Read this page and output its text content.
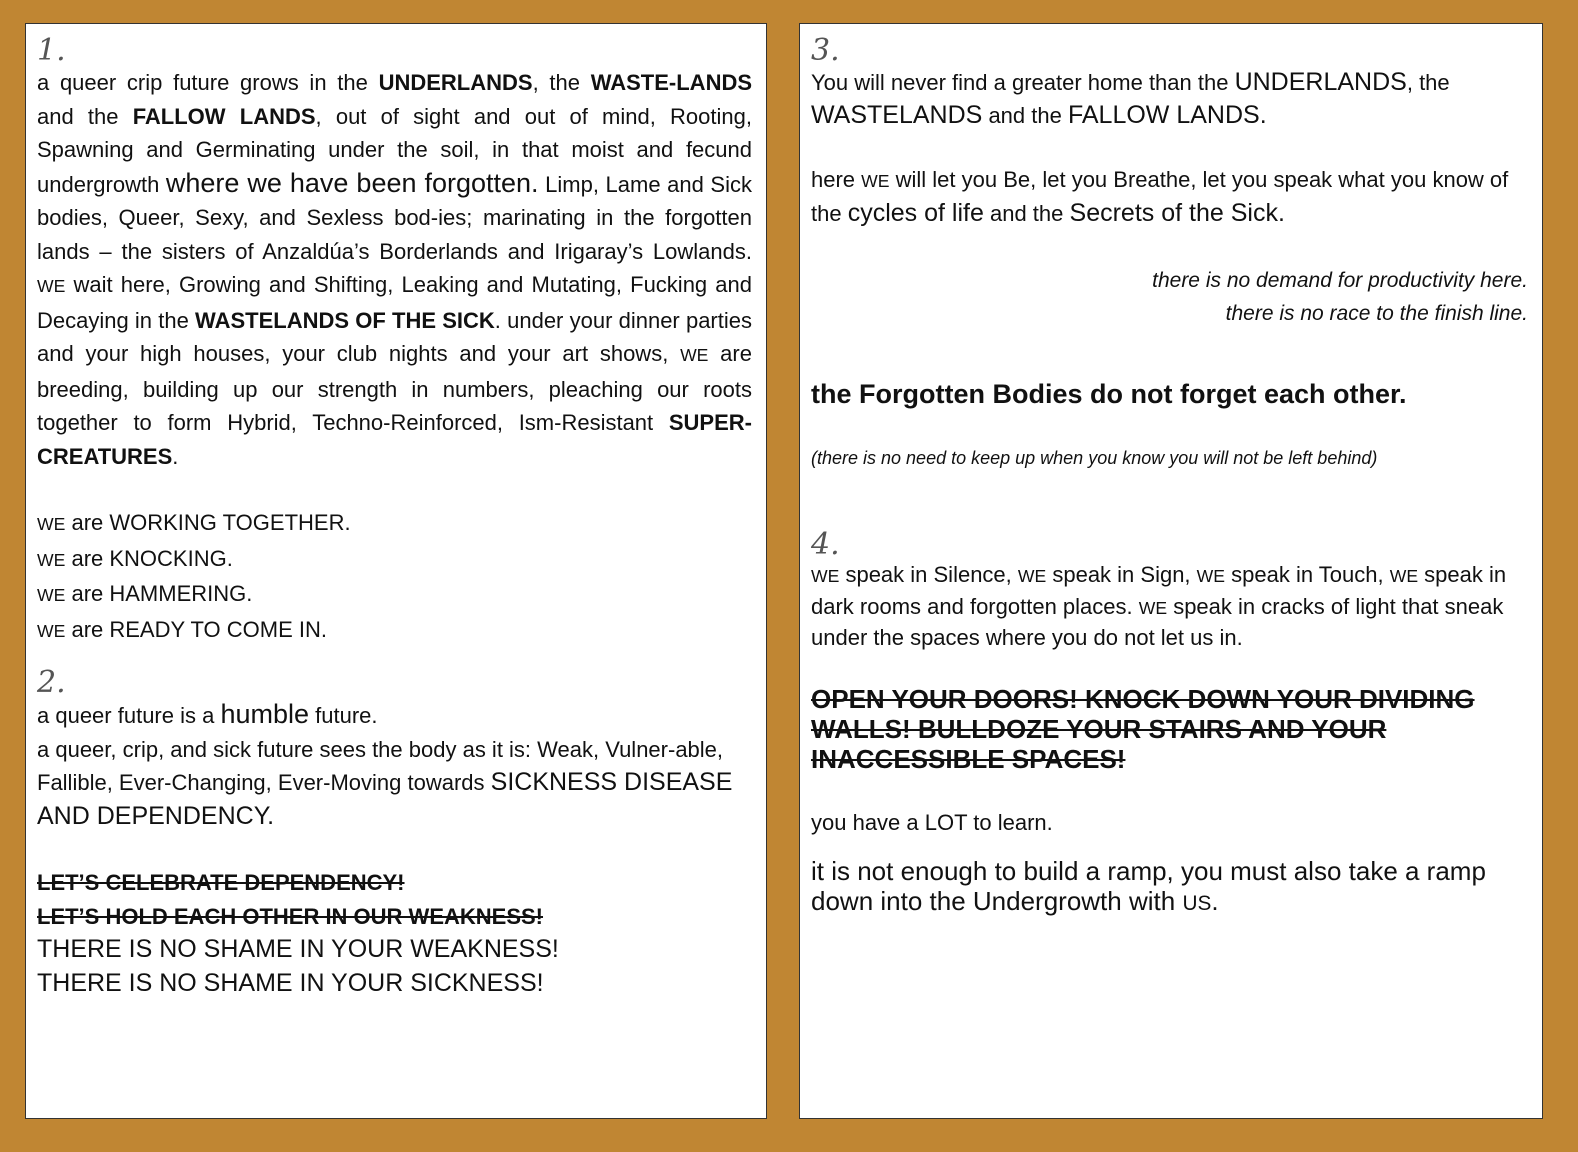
1.

a queer crip future grows in the UNDERLANDS, the WASTE-LANDS and the FALLOW LANDS, out of sight and out of mind, Rooting, Spawning and Germinating under the soil, in that moist and fecund undergrowth where we have been forgotten. Limp, Lame and Sick bodies, Queer, Sexy, and Sexless bod-ies; marinating in the forgotten lands – the sisters of Anzaldúa’s Borderlands and Irigaray’s Lowlands. WE wait here, Growing and Shifting, Leaking and Mutating, Fucking and Decaying in the WASTELANDS OF THE SICK. under your dinner parties and your high houses, your club nights and your art shows, WE are breeding, building up our strength in numbers, pleaching our roots together to form Hybrid, Techno-Reinforced, Ism-Resistant SUPER-CREATURES.

WE are WORKING TOGETHER.

WE are KNOCKING.

WE are HAMMERING.

WE are READY TO COME IN.

2.

a queer future is a humble future.

a queer, crip, and sick future sees the body as it is: Weak, Vulner-able, Fallible, Ever-Changing, Ever-Moving towards SICKNESS DISEASE AND DEPENDENCY.

LET’S CELEBRATE DEPENDENCY!

LET’S HOLD EACH OTHER IN OUR WEAKNESS!

THERE IS NO SHAME IN YOUR WEAKNESS!

THERE IS NO SHAME IN YOUR SICKNESS!

3.

You will never find a greater home than the UNDERLANDS, the WASTELANDS and the FALLOW LANDS.

here WE will let you Be, let you Breathe, let you speak what you know of the cycles of life and the Secrets of the Sick.

there is no demand for productivity here.

there is no race to the finish line.

the Forgotten Bodies do not forget each other.

(there is no need to keep up when you know you will not be left behind)

4.

WE speak in Silence, WE speak in Sign, WE speak in Touch, WE speak in dark rooms and forgotten places. WE speak in cracks of light that sneak under the spaces where you do not let us in.

OPEN YOUR DOORS! KNOCK DOWN YOUR DIVIDING WALLS! BULLDOZE YOUR STAIRS AND YOUR INACCESSIBLE SPACES!

you have a LOT to learn.

it is not enough to build a ramp, you must also take a ramp down into the Undergrowth with US.
